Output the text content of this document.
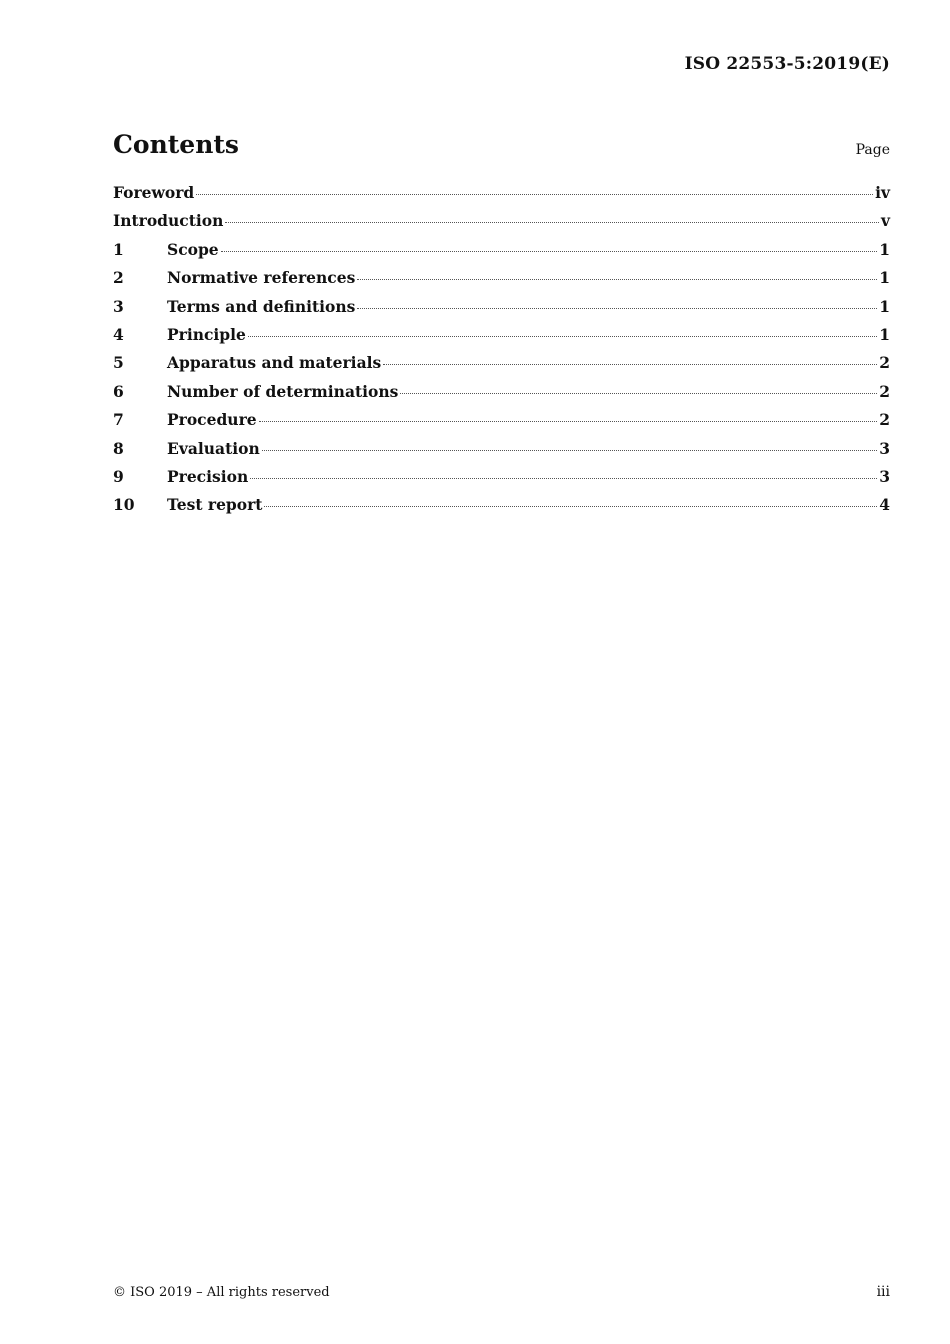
ISO 22553-5:2019(E)
Contents	Page
Foreword	iv
Introduction	v
1	Scope	1
2	Normative references	1
3	Terms and definitions	1
4	Principle	1
5	Apparatus and materials	2
6	Number of determinations	2
7	Procedure	2
8	Evaluation	3
9	Precision	3
10	Test report	4
© ISO 2019 – All rights reserved	iii
